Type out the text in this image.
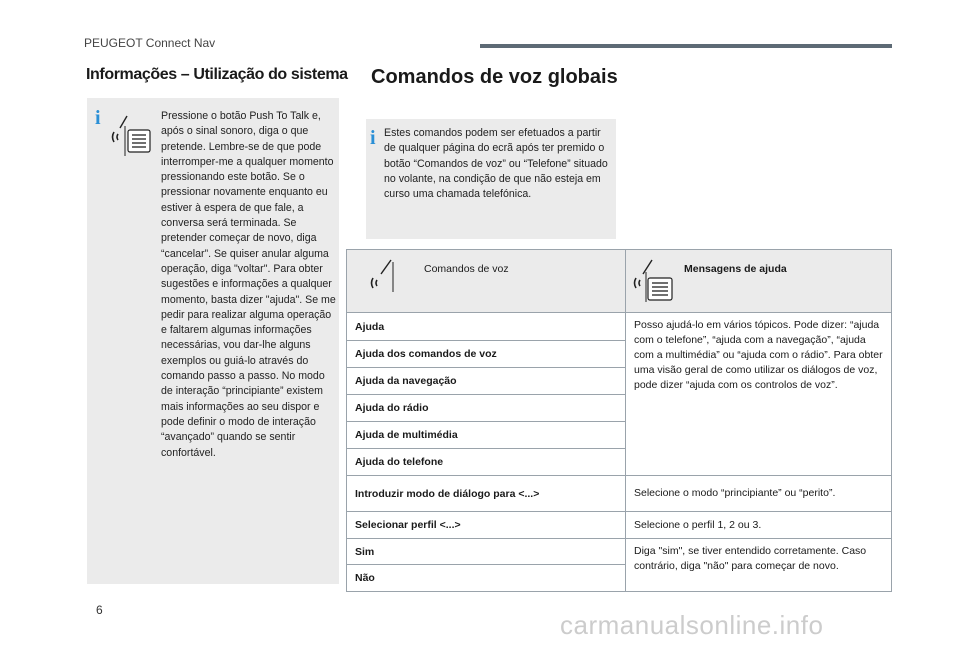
PEUGEOT Connect Nav
Informações – Utilização do sistema Comandos de voz globais
i	Pressione o botão Push To Talk e, após o sinal sonoro, diga o que pretende. Lembre-se de que pode interromper-me a qualquer momento pressionando este botão. Se o pressionar novamente enquanto eu estiver à espera de que fale, a conversa será terminada. Se pretender começar de novo, diga “cancelar”. Se quiser anular alguma operação, diga "voltar". Para obter sugestões e informações a qualquer momento, basta dizer "ajuda". Se me pedir para realizar alguma operação e faltarem algumas informações necessárias, vou dar-lhe alguns exemplos ou guiá-lo através do comando passo a passo. No modo de interação “principiante” existem mais informações ao seu dispor e pode definir o modo de interação “avançado” quando se sentir confortável.
i Estes comandos podem ser efetuados a partir de qualquer página do ecrã após ter premido o botão “Comandos de voz” ou “Telefone” situado no volante, na condição de que não esteja em curso uma chamada telefónica.
Comandos de voz	Mensagens de ajuda

Ajuda	Posso ajudá-lo em vários tópicos. Pode dizer: “ajuda com o telefone”, “ajuda com a navegação”, “ajuda com a multimédia” ou “ajuda com o rádio”. Para obter uma visão geral de como utilizar os diálogos de voz, pode dizer “ajuda com os controlos de voz”.
Ajuda dos comandos de voz	
Ajuda da navegação	
Ajuda do rádio	
Ajuda de multimédia	
Ajuda do telefone	
Introduzir modo de diálogo para <...>	Selecione o modo “principiante” ou “perito”.
Selecionar perfil <...>	Selecione o perfil 1, 2 ou 3.
Sim	Diga "sim", se tiver entendido corretamente. Caso contrário, diga "não" para começar de novo.
Não	
6	carmanualsonline.info
